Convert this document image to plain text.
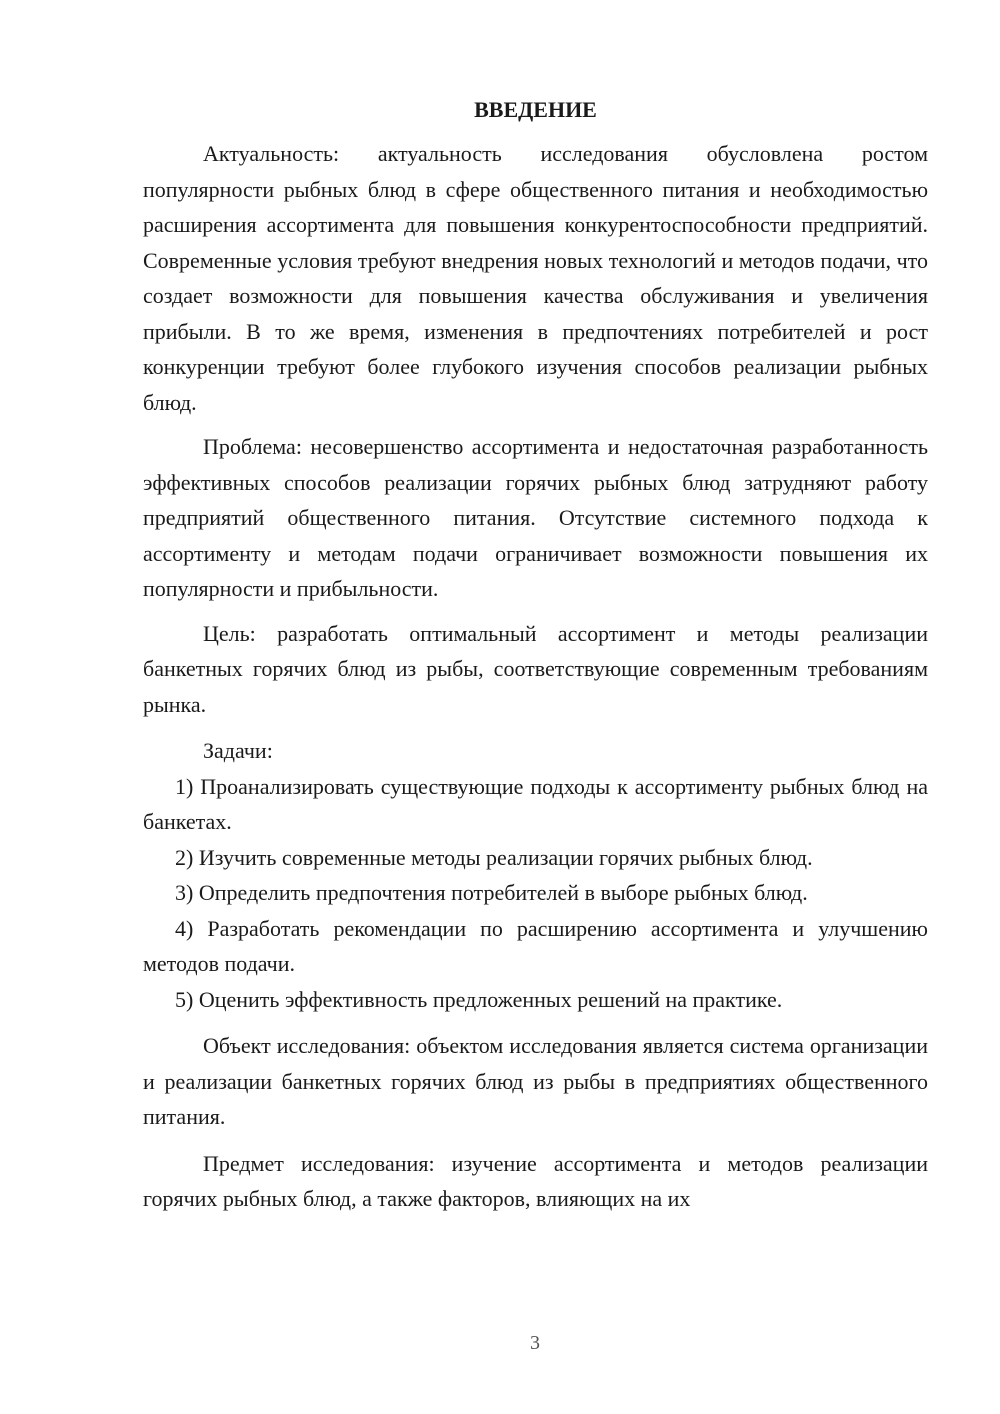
ВВЕДЕНИЕ

Актуальность: актуальность исследования обусловлена ростом популярности рыбных блюд в сфере общественного питания и необходимостью расширения ассортимента для повышения конкурентоспособности предприятий. Современные условия требуют внедрения новых технологий и методов подачи, что создает возможности для повышения качества обслуживания и увеличения прибыли. В то же время, изменения в предпочтениях потребителей и рост конкуренции требуют более глубокого изучения способов реализации рыбных блюд.

Проблема: несовершенство ассортимента и недостаточная разработанность эффективных способов реализации горячих рыбных блюд затрудняют работу предприятий общественного питания. Отсутствие системного подхода к ассортименту и методам подачи ограничивает возможности повышения их популярности и прибыльности.

Цель: разработать оптимальный ассортимент и методы реализации банкетных горячих блюд из рыбы, соответствующие современным требованиям рынка.

Задачи:

1) Проанализировать существующие подходы к ассортименту рыбных блюд на банкетах.

2) Изучить современные методы реализации горячих рыбных блюд.

3) Определить предпочтения потребителей в выборе рыбных блюд.

4) Разработать рекомендации по расширению ассортимента и улучшению методов подачи.

5) Оценить эффективность предложенных решений на практике.

Объект исследования: объектом исследования является система организации и реализации банкетных горячих блюд из рыбы в предприятиях общественного питания.

Предмет исследования: изучение ассортимента и методов реализации горячих рыбных блюд, а также факторов, влияющих на их

3
